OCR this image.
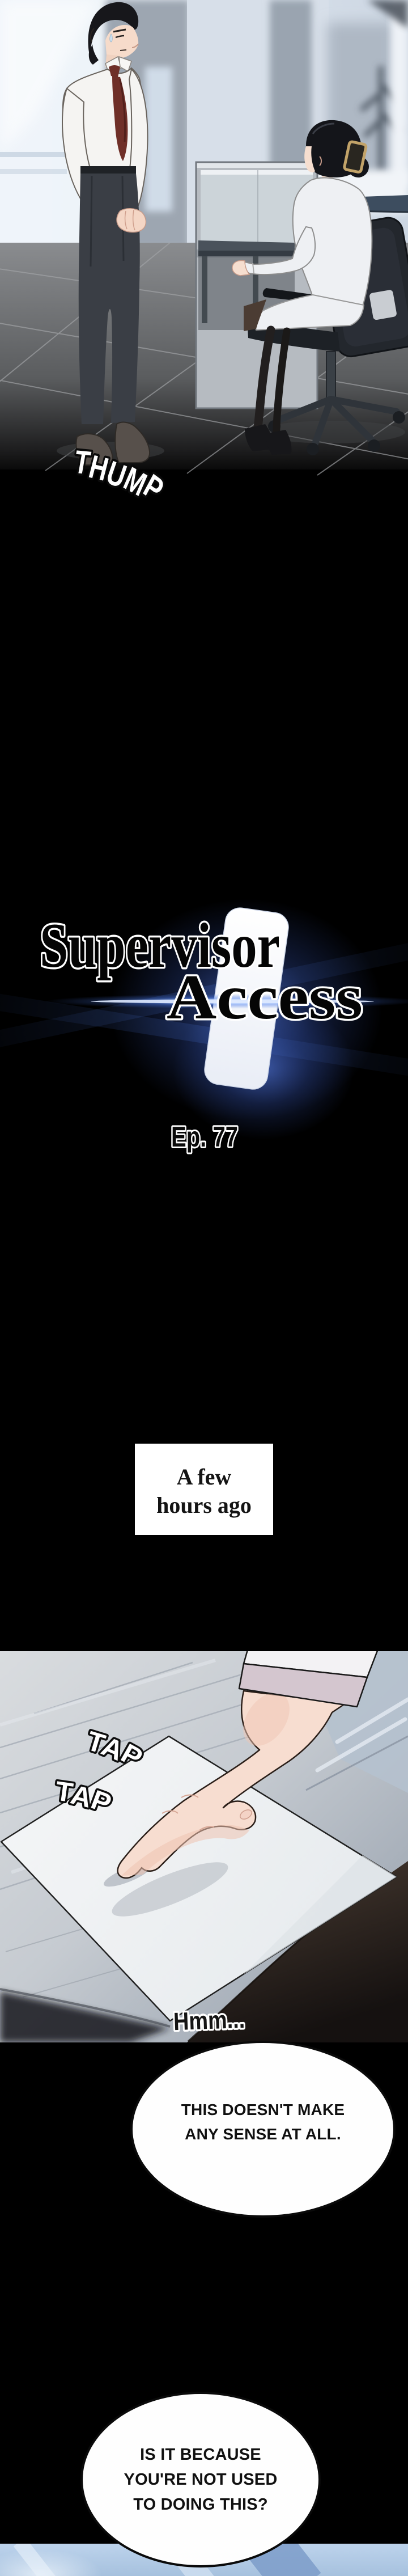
THUMP
Supervisor
Access
Ep. 77
A few
hours ago
TAP
TAP
Hmm...
THIS DOESN'T MAKE
ANY SENSE AT ALL.
IS IT BECAUSE
YOU'RE NOT USED
TO DOING THIS?
